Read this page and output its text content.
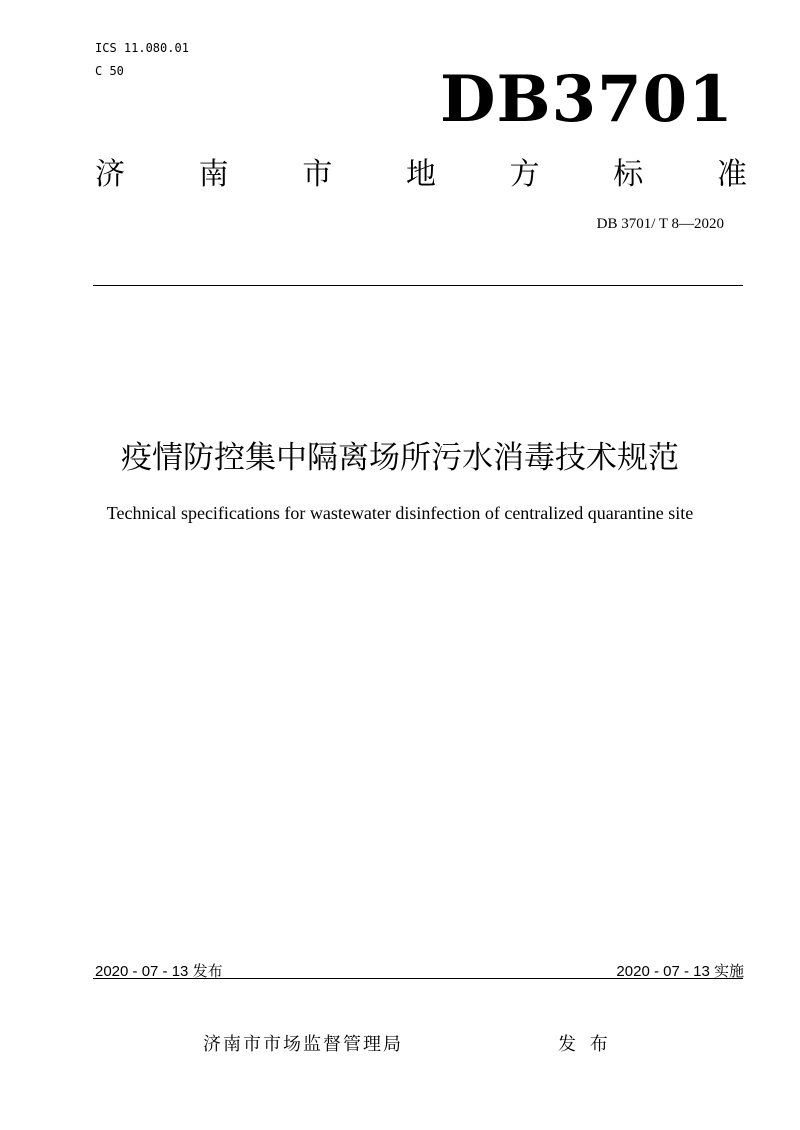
ICS 11.080.01
C 50	DB3701
济 南 市 地 方 标 准
DB 3701/ T 8—2020
疫情防控集中隔离场所污水消毒技术规范
Technical specifications for wastewater disinfection of centralized quarantine site
2020 - 07 - 13 发布	2020 - 07 - 13 实施
济南市市场监督管理局	发 布
